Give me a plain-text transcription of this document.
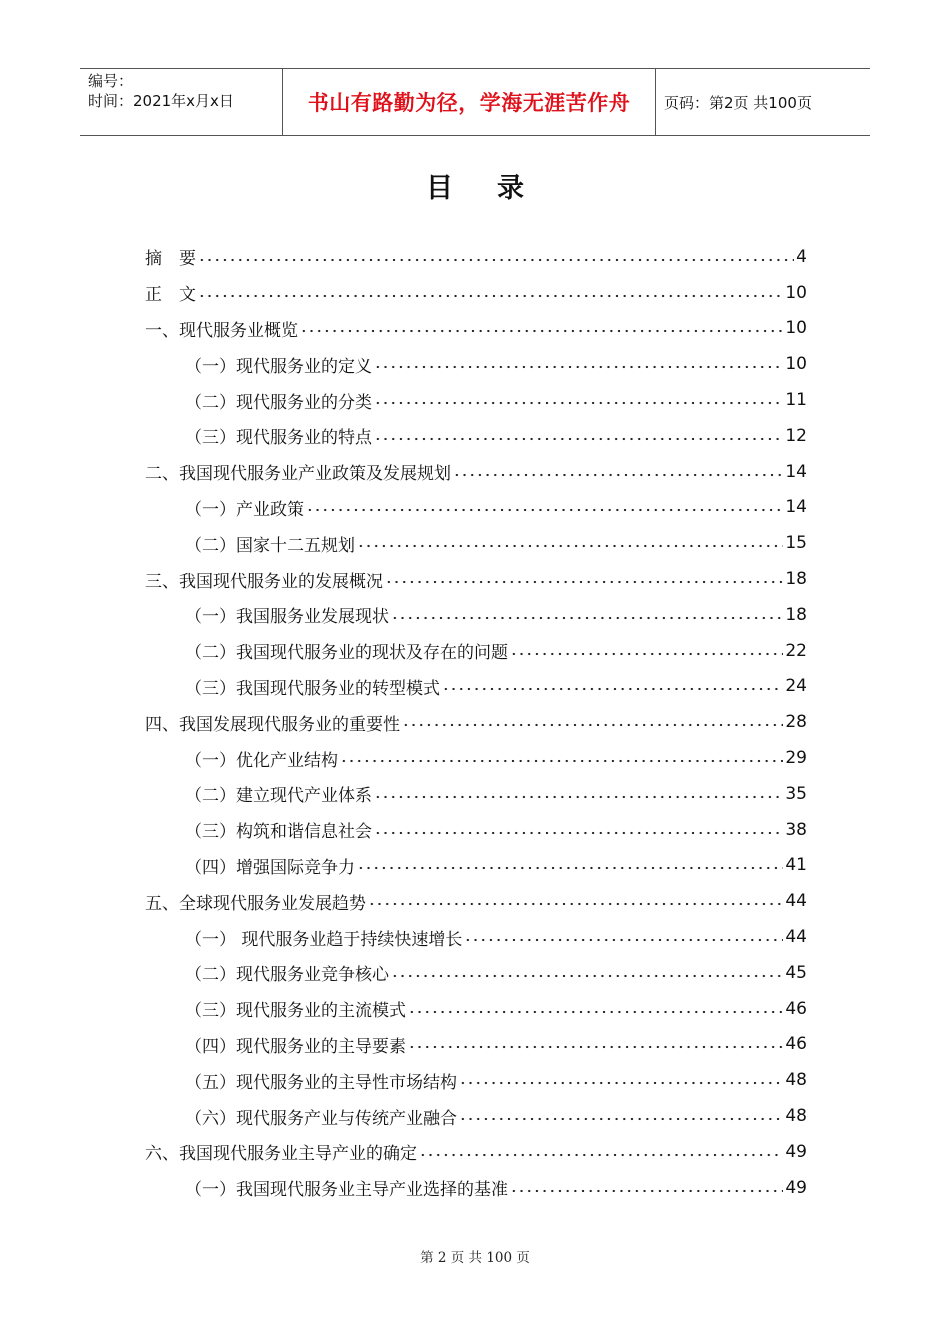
编号：
时间：2021年x月x日	书山有路勤为径，学海无涯苦作舟	页码：第2页 共100页
目录
摘　要	4
正　文	10
一、现代服务业概览	10
（一）现代服务业的定义	10
（二）现代服务业的分类	11
（三）现代服务业的特点	12
二、我国现代服务业产业政策及发展规划	14
（一）产业政策	14
（二）国家十二五规划	15
三、我国现代服务业的发展概况	18
（一）我国服务业发展现状	18
（二）我国现代服务业的现状及存在的问题	22
（三）我国现代服务业的转型模式	24
四、我国发展现代服务业的重要性	28
（一）优化产业结构	29
（二）建立现代产业体系	35
（三）构筑和谐信息社会	38
（四）增强国际竞争力	41
五、全球现代服务业发展趋势	44
（一） 现代服务业趋于持续快速增长	44
（二）现代服务业竞争核心	45
（三）现代服务业的主流模式	46
（四）现代服务业的主导要素	46
（五）现代服务业的主导性市场结构	48
（六）现代服务产业与传统产业融合	48
六、我国现代服务业主导产业的确定	49
（一）我国现代服务业主导产业选择的基准	49
第 2 页 共 100 页
